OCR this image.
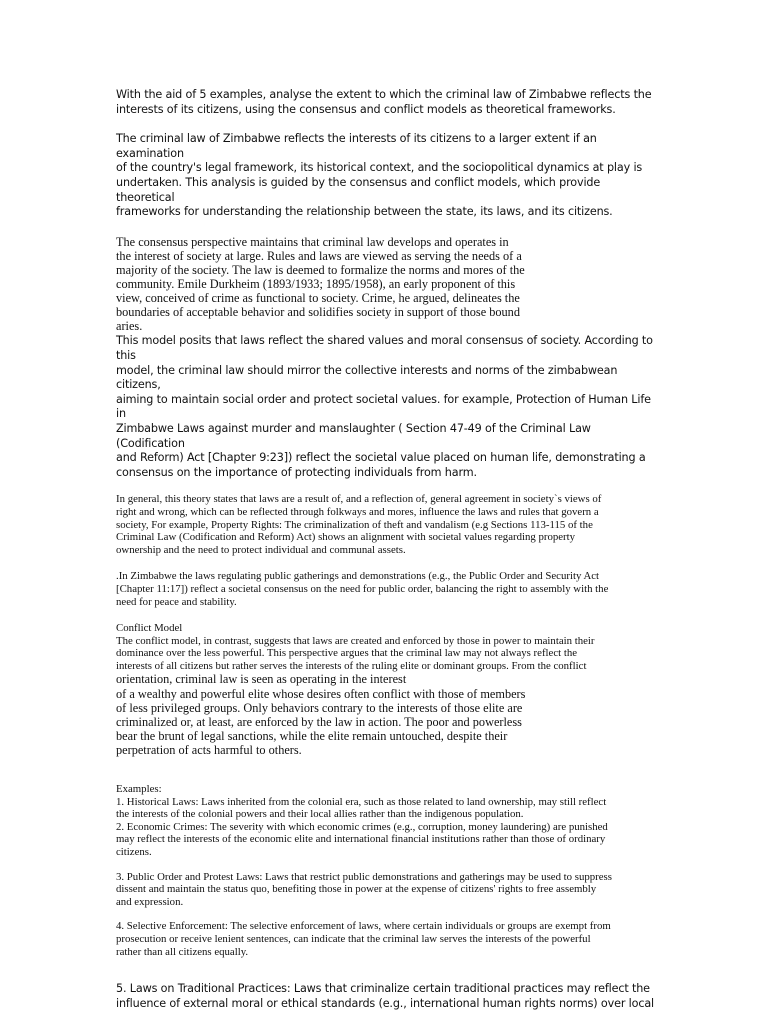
With the aid of 5 examples, analyse the extent to which the criminal law of Zimbabwe reflects the
interests of its citizens, using the consensus and conflict models as theoretical frameworks.

The criminal law of Zimbabwe reflects the interests of its citizens to a larger extent if an examination
of the country's legal framework, its historical context, and the sociopolitical dynamics at play is
undertaken. This analysis is guided by the consensus and conflict models, which provide theoretical
frameworks for understanding the relationship between the state, its laws, and its citizens.

The consensus perspective maintains that criminal law develops and operates in
the interest of society at large. Rules and laws are viewed as serving the needs of a
majority of the society. The law is deemed to formalize the norms and mores of the
community. Emile Durkheim (1893/1933; 1895/1958), an early proponent of this
view, conceived of crime as functional to society. Crime, he argued, delineates the
boundaries of acceptable behavior and solidifies society in support of those bound
aries.

This model posits that laws reflect the shared values and moral consensus of society. According to this
model, the criminal law should mirror the collective interests and norms of the zimbabwean citizens,
aiming to maintain social order and protect societal values. for example, Protection of Human Life in
Zimbabwe Laws against murder and manslaughter ( Section 47-49 of the Criminal Law (Codification
and Reform) Act [Chapter 9:23]) reflect the societal value placed on human life, demonstrating a
consensus on the importance of protecting individuals from harm.

In general, this theory states that laws are a result of, and a reflection of, general agreement in society`s views of
right and wrong, which can be reflected through folkways and mores, influence the laws and rules that govern a
society, For example, Property Rights: The criminalization of theft and vandalism (e.g Sections 113-115 of the
Criminal Law (Codification and Reform) Act) shows an alignment with societal values regarding property
ownership and the need to protect individual and communal assets.

.In Zimbabwe the laws regulating public gatherings and demonstrations (e.g., the Public Order and Security Act
[Chapter 11:17]) reflect a societal consensus on the need for public order, balancing the right to assembly with the
need for peace and stability.

Conflict Model

The conflict model, in contrast, suggests that laws are created and enforced by those in power to maintain their
dominance over the less powerful. This perspective argues that the criminal law may not always reflect the
interests of all citizens but rather serves the interests of the ruling elite or dominant groups. From the conflict

orientation, criminal law is seen as operating in the interest
of a wealthy and powerful elite whose desires often conflict with those of members
of less privileged groups. Only behaviors contrary to the interests of those elite are
criminalized or, at least, are enforced by the law in action. The poor and powerless
bear the brunt of legal sanctions, while the elite remain untouched, despite their
perpetration of acts harmful to others.

Examples:

1. Historical Laws: Laws inherited from the colonial era, such as those related to land ownership, may still reflect
the interests of the colonial powers and their local allies rather than the indigenous population.

2. Economic Crimes: The severity with which economic crimes (e.g., corruption, money laundering) are punished
may reflect the interests of the economic elite and international financial institutions rather than those of ordinary
citizens.

3. Public Order and Protest Laws: Laws that restrict public demonstrations and gatherings may be used to suppress
dissent and maintain the status quo, benefiting those in power at the expense of citizens' rights to free assembly
and expression.

4. Selective Enforcement: The selective enforcement of laws, where certain individuals or groups are exempt from
prosecution or receive lenient sentences, can indicate that the criminal law serves the interests of the powerful
rather than all citizens equally.

5. Laws on Traditional Practices: Laws that criminalize certain traditional practices may reflect the
influence of external moral or ethical standards (e.g., international human rights norms) over local
